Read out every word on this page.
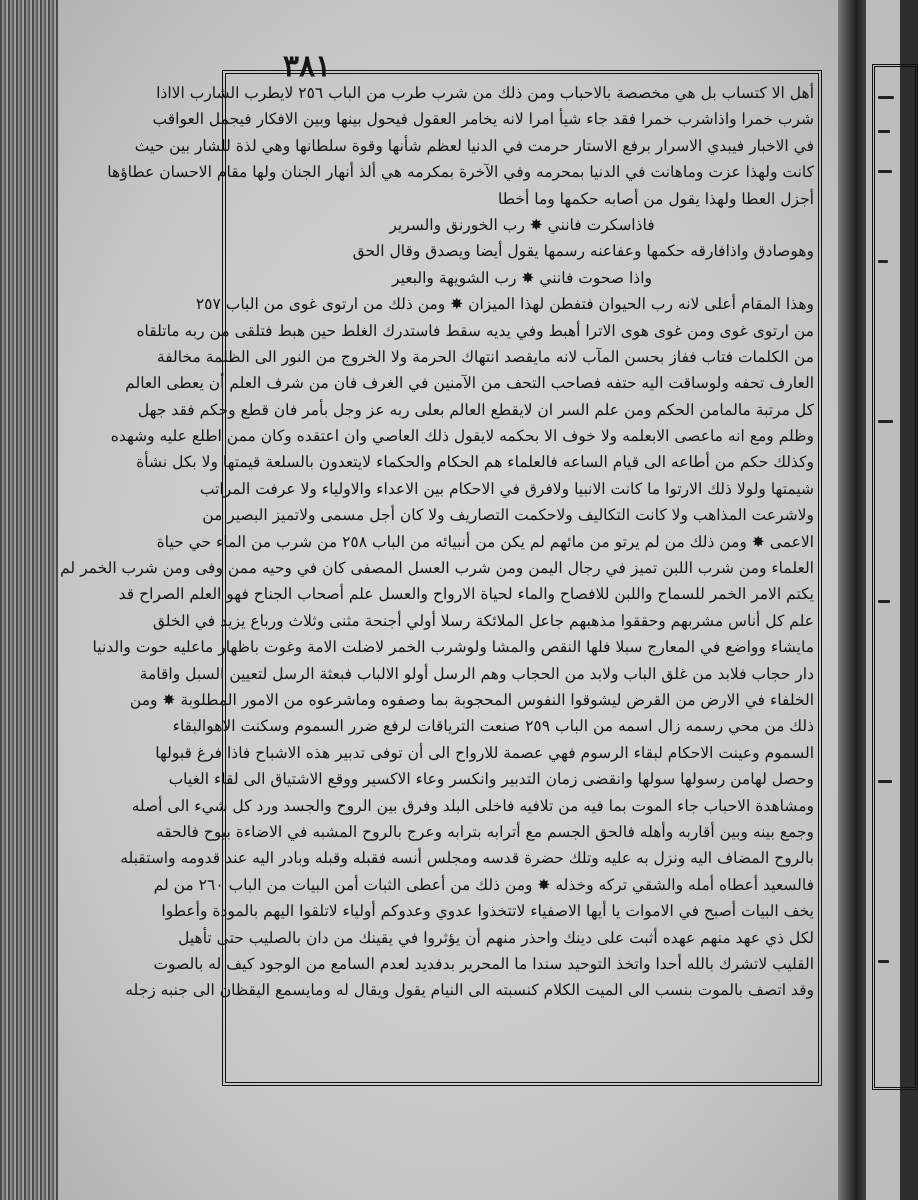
٣٨١
أهل الا كتساب بل هي مخصصة بالاحباب ومن ذلك من شرب طرب من الباب ٢٥٦ لايطرب الشارب الااذا
شرب خمرا واذاشرب خمرا فقد جاء شيأ امرا لانه يخامر العقول فيحول بينها وبين الافكار فيجمل العواقب
في الاخبار فيبدي الاسرار برفع الاستار حرمت في الدنيا لعظم شأنها وقوة سلطانها وهي لذة للشار بين حيث
كانت ولهذا عزت وماهانت في الدنيا بمحرمه وفي الآخرة بمكرمه هي ألذ أنهار الجنان ولها مقام الاحسان عطاؤها
أجزل العطا ولهذا يقول من أصابه حكمها وما أخطا
فاذاسكرت فانني ✸ رب الخورنق والسرير
وهوصادق واذافارقه حكمها وعفاعنه رسمها يقول أيضا ويصدق وقال الحق
واذا صحوت فانني ✸ رب الشويهة والبعير
وهذا المقام أعلى لانه رب الحيوان فتفطن لهذا الميزان ✸ ومن ذلك من ارتوى غوى من الباب ٢٥٧
من ارتوى غوى ومن غوى هوى الاترا أهبط وفي يديه سقط فاستدرك الغلط حين هبط فتلقى من ربه ماتلقاه
من الكلمات فتاب ففاز بحسن المآب لانه مايقصد انتهاك الحرمة ولا الخروج من النور الى الظلمة مخالفة
العارف تحفه ولوساقت اليه حتفه فصاحب التحف من الآمنين في الغرف فان من شرف العلم أن يعطى العالم
كل مرتبة مالمامن الحكم ومن علم السر ان لايقطع العالم بعلى ربه عز وجل بأمر فان قطع وحكم فقد جهل
وظلم ومع انه ماعصى الابعلمه ولا خوف الا بحكمه لايقول ذلك العاصي وان اعتقده وكان ممن اطلع عليه وشهده
وكذلك حكم من أطاعه الى قيام الساعه فالعلماء هم الحكام والحكماء لايتعدون بالسلعة قيمتها ولا بكل نشأة
شيمتها ولولا ذلك الارتوا ما كانت الانبيا ولافرق في الاحكام بين الاعداء والاولياء ولا عرفت المراتب
ولاشرعت المذاهب ولا كانت التكاليف ولاحكمت التصاريف ولا كان أجل مسمى ولاتميز البصير من
الاعمى ✸ ومن ذلك من لم يرتو من مائهم لم يكن من أنبيائه من الباب ٢٥٨ من شرب من الماء حي حياة
العلماء ومن شرب اللبن تميز في رجال اليمن ومن شرب العسل المصفى كان في وحيه ممن وفى ومن شرب الخمر لم
يكتم الامر الخمر للسماح واللبن للافصاح والماء لحياة الارواح والعسل علم أصحاب الجناح فهو العلم الصراح قد
علم كل أناس مشربهم وحققوا مذهبهم جاعل الملائكة رسلا أولي أجنحة مثنى وثلاث ورباع يزيد في الخلق
مايشاء وواضع في المعارج سبلا فلها النقص والمشا ولوشرب الخمر لاضلت الامة وغوت باظهار ماعليه حوت والدنيا
دار حجاب فلابد من غلق الباب ولابد من الحجاب وهم الرسل أولو الالباب فبعثة الرسل لتعيين السبل واقامة
الخلفاء في الارض من القرض ليشوقوا النفوس المحجوبة بما وصفوه وماشرعوه من الامور المطلوبة ✸ ومن
ذلك من محي رسمه زال اسمه من الباب ٢٥٩ صنعت الترياقات لرفع ضرر السموم وسكنت الاهوالبقاء
السموم وعينت الاحكام لبقاء الرسوم فهي عصمة للارواح الى أن توفى تدبير هذه الاشباح فاذا فرغ قبولها
وحصل لهامن رسولها سولها وانقضى زمان التدبير وانكسر وعاء الاكسير ووقع الاشتياق الى لقاء الغياب
ومشاهدة الاحباب جاء الموت بما فيه من تلافيه فاخلى البلد وفرق بين الروح والجسد ورد كل شيء الى أصله
وجمع بينه وبين أقاربه وأهله فالحق الجسم مع أترابه بترابه وعرج بالروح المشبه في الاضاءة بيوح فالحقه
بالروح المضاف اليه ونزل به عليه وتلك حضرة قدسه ومجلس أنسه فقبله وقبله وبادر اليه عند قدومه واستقبله
فالسعيد أعطاه أمله والشقي تركه وخذله ✸ ومن ذلك من أعطى الثبات أمن البيات من الباب ٢٦٠ من لم
يخف البيات أصبح في الاموات يا أيها الاصفياء لاتتخذوا عدوي وعدوكم أولياء لاتلقوا اليهم بالمودة وأعطوا
لكل ذي عهد منهم عهده أثبت على دينك واحذر منهم أن يؤثروا في يقينك من دان بالصليب حتى تأهيل
القليب لاتشرك بالله أحدا واتخذ التوحيد سندا ما المحرير بدفديد لعدم السامع من الوجود كيف له بالصوت
وقد اتصف بالموت بنسب الى الميت الكلام كنسبته الى النيام يقول ويقال له ومايسمع اليقظان الى جنبه زجله
